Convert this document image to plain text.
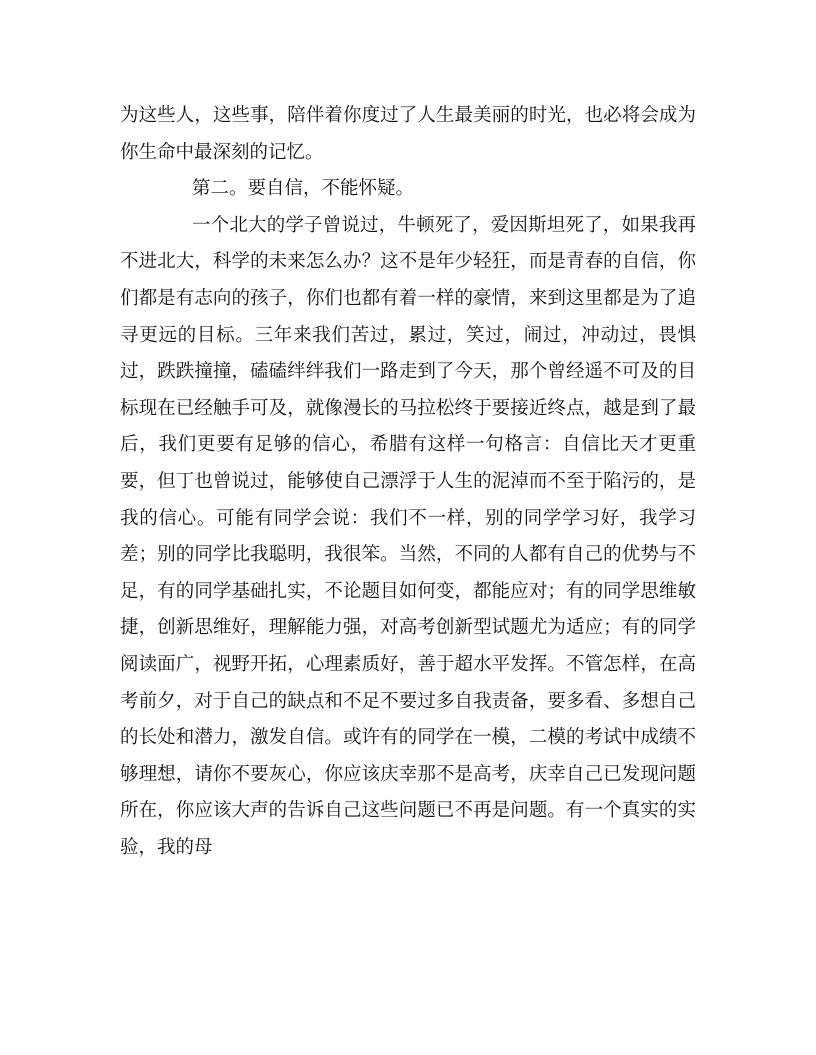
为这些人，这些事，陪伴着你度过了人生最美丽的时光，也必将会成为你生命中最深刻的记忆。

第二。要自信，不能怀疑。

一个北大的学子曾说过，牛顿死了，爱因斯坦死了，如果我再不进北大，科学的未来怎么办？这不是年少轻狂，而是青春的自信，你们都是有志向的孩子，你们也都有着一样的豪情，来到这里都是为了追寻更远的目标。三年来我们苦过，累过，笑过，闹过，冲动过，畏惧过，跌跌撞撞，磕磕绊绊我们一路走到了今天，那个曾经遥不可及的目标现在已经触手可及，就像漫长的马拉松终于要接近终点，越是到了最后，我们更要有足够的信心，希腊有这样一句格言：自信比天才更重要，但丁也曾说过，能够使自己漂浮于人生的泥淖而不至于陷污的，是我的信心。可能有同学会说：我们不一样，别的同学学习好，我学习差；别的同学比我聪明，我很笨。当然，不同的人都有自己的优势与不足，有的同学基础扎实，不论题目如何变，都能应对；有的同学思维敏捷，创新思维好，理解能力强，对高考创新型试题尤为适应；有的同学阅读面广，视野开拓，心理素质好，善于超水平发挥。不管怎样，在高考前夕，对于自己的缺点和不足不要过多自我责备，要多看、多想自己的长处和潜力，激发自信。或许有的同学在一模，二模的考试中成绩不够理想，请你不要灰心，你应该庆幸那不是高考，庆幸自己已发现问题所在，你应该大声的告诉自己这些问题已不再是问题。有一个真实的实验，我的母
